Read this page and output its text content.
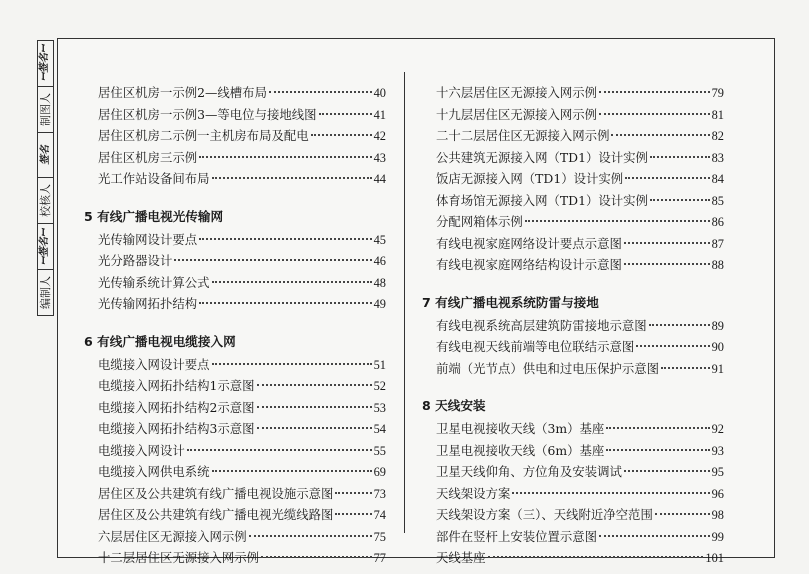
ꟷ签名ꟷ
制图人
签名
校核人
ꟷ签名ꟷ
编制人
居住区机房一示例2—线槽布局	40
居住区机房一示例3—等电位与接地线图	41
居住区机房二示例一主机房布局及配电	42
居住区机房三示例	43
光工作站设备间布局	44
5 有线广播电视光传输网
光传输网设计要点	45
光分路器设计	46
光传输系统计算公式	48
光传输网拓扑结构	49
6 有线广播电视电缆接入网
电缆接入网设计要点	51
电缆接入网拓扑结构1示意图	52
电缆接入网拓扑结构2示意图	53
电缆接入网拓扑结构3示意图	54
电缆接入网设计	55
电缆接入网供电系统	69
居住区及公共建筑有线广播电视设施示意图	73
居住区及公共建筑有线广播电视光缆线路图	74
六层居住区无源接入网示例	75
十二层居住区无源接入网示例	77
十六层居住区无源接入网示例	79
十九层居住区无源接入网示例	81
二十二层居住区无源接入网示例	82
公共建筑无源接入网（TD1）设计实例	83
饭店无源接入网（TD1）设计实例	84
体育场馆无源接入网（TD1）设计实例	85
分配网箱体示例	86
有线电视家庭网络设计要点示意图	87
有线电视家庭网络结构设计示意图	88
7 有线广播电视系统防雷与接地
有线电视系统高层建筑防雷接地示意图	89
有线电视天线前端等电位联结示意图	90
前端（光节点）供电和过电压保护示意图	91
8 天线安装
卫星电视接收天线（3m）基座	92
卫星电视接收天线（6m）基座	93
卫星天线仰角、方位角及安装调试	95
天线架设方案	96
天线架设方案（三）、天线附近净空范围	98
部件在竖杆上安装位置示意图	99
天线基座	101
